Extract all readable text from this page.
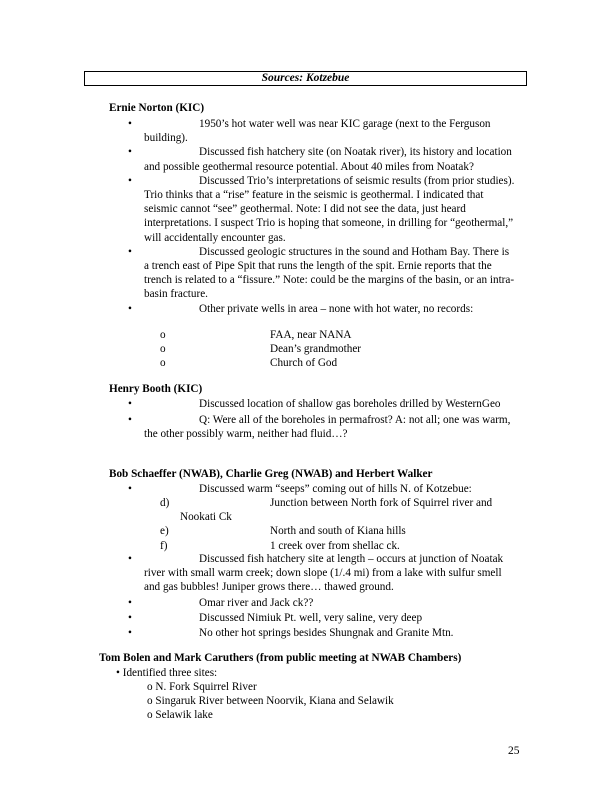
Sources: Kotzebue
Ernie Norton (KIC)
•	1950’s hot water well was near KIC garage (next to the Ferguson building).
•	Discussed fish hatchery site (on Noatak river), its history and location and possible geothermal resource potential. About 40 miles from Noatak?
•	Discussed Trio’s interpretations of seismic results (from prior studies). Trio thinks that a “rise” feature in the seismic is geothermal. I indicated that seismic cannot “see” geothermal. Note: I did not see the data, just heard interpretations. I suspect Trio is hoping that someone, in drilling for “geothermal,” will accidentally encounter gas.
•	Discussed geologic structures in the sound and Hotham Bay. There is a trench east of Pipe Spit that runs the length of the spit. Ernie reports that the trench is related to a “fissure.” Note: could be the margins of the basin, or an intra-basin fracture.
•	Other private wells in area – none with hot water, no records:
o	FAA, near NANA
o	Dean’s grandmother
o	Church of God
Henry Booth (KIC)
•	Discussed location of shallow gas boreholes drilled by WesternGeo
•	Q: Were all of the boreholes in permafrost? A: not all; one was warm, the other possibly warm, neither had fluid…?
Bob Schaeffer (NWAB), Charlie Greg (NWAB) and Herbert Walker
•	Discussed warm “seeps” coming out of hills N. of Kotzebue:
d)	Junction between North fork of Squirrel river and Nookati Ck
e)	North and south of Kiana hills
f)	1 creek over from shellac ck.
•	Discussed fish hatchery site at length – occurs at junction of Noatak river with small warm creek; down slope (1/.4 mi) from a lake with sulfur smell and gas bubbles! Juniper grows there… thawed ground.
•	Omar river and Jack ck??
•	Discussed Nimiuk Pt. well, very saline, very deep
•	No other hot springs besides Shungnak and Granite Mtn.
Tom Bolen and Mark Caruthers (from public meeting at NWAB Chambers)
• Identified three sites:
o N. Fork Squirrel River
o Singaruk River between Noorvik, Kiana and Selawik
o Selawik lake
25
